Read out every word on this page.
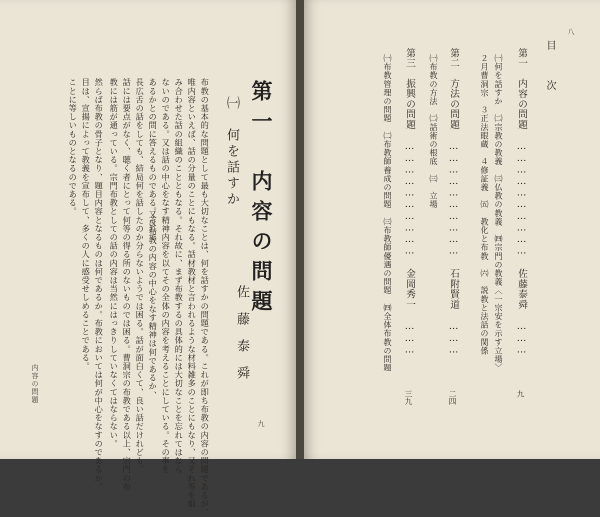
第一　内容の問題
㈠　何を話すか
佐藤泰舜
布教の基本的な問題として最も大切なことは、何を話すかの問題である。これが即ち布教の内容の問題であるが、
唯内容といえば、話の分量のことにもなる。話材教材と言われるような材料雑多のことにもなり、又それ等を組
み合わせた話の組織のことともなる。それ故に、まず布教するの具体的には大切なことを忘れてはなら
ないのである。又は話の中心をなす精神内容を以てその全体の内容を考えることにしている。その事を
あるかとの問に答えるものである。それで、
又は布教の内容の中心をなす精神は何であるか、
長広舌の話をしても、結局何を話したのか分らないようでは困る。話が面白くて、良い話だけれども、
話には要点がなく、聴く者にとって何等の得る所のないものでは困る。曹洞宗の布教である以上、宗門の布
教には筋が通っている。宗門布教としての話の内容は当然にはっきりしていなくてはならない。
然らば布教の骨子となり、題目内容となるものは何であるか。布教においては何が中心をなすのであるか。
目は、宣揚によって教義を宣布して、多くの人に感受せしめることである。
ことに等しいものとなるのである。
内容の問題
九
八
目　次
第一　内容の問題 ………………………… 佐藤泰舜 ………
九
㈠何を話すか　㈡宗教の教義　㈢仏教の教義　㈣宗門の教義〈一宗安を示す立場〉
２月曹洞宗　３正法眼蔵　４修証義　㈤　教化と布教　㈥　説教と法話の関係
第二　方法の問題 ………………………… 石附賢道 ………
二四
㈠布教の方法　㈡話術の根底　㈢　立場
第三　振興の問題 ………………………… 金岡秀一 ………
三九
㈠布教管理の問題　㈡布教師養成の問題　㈢布教師優遇の問題　㈣全体布教の問題
